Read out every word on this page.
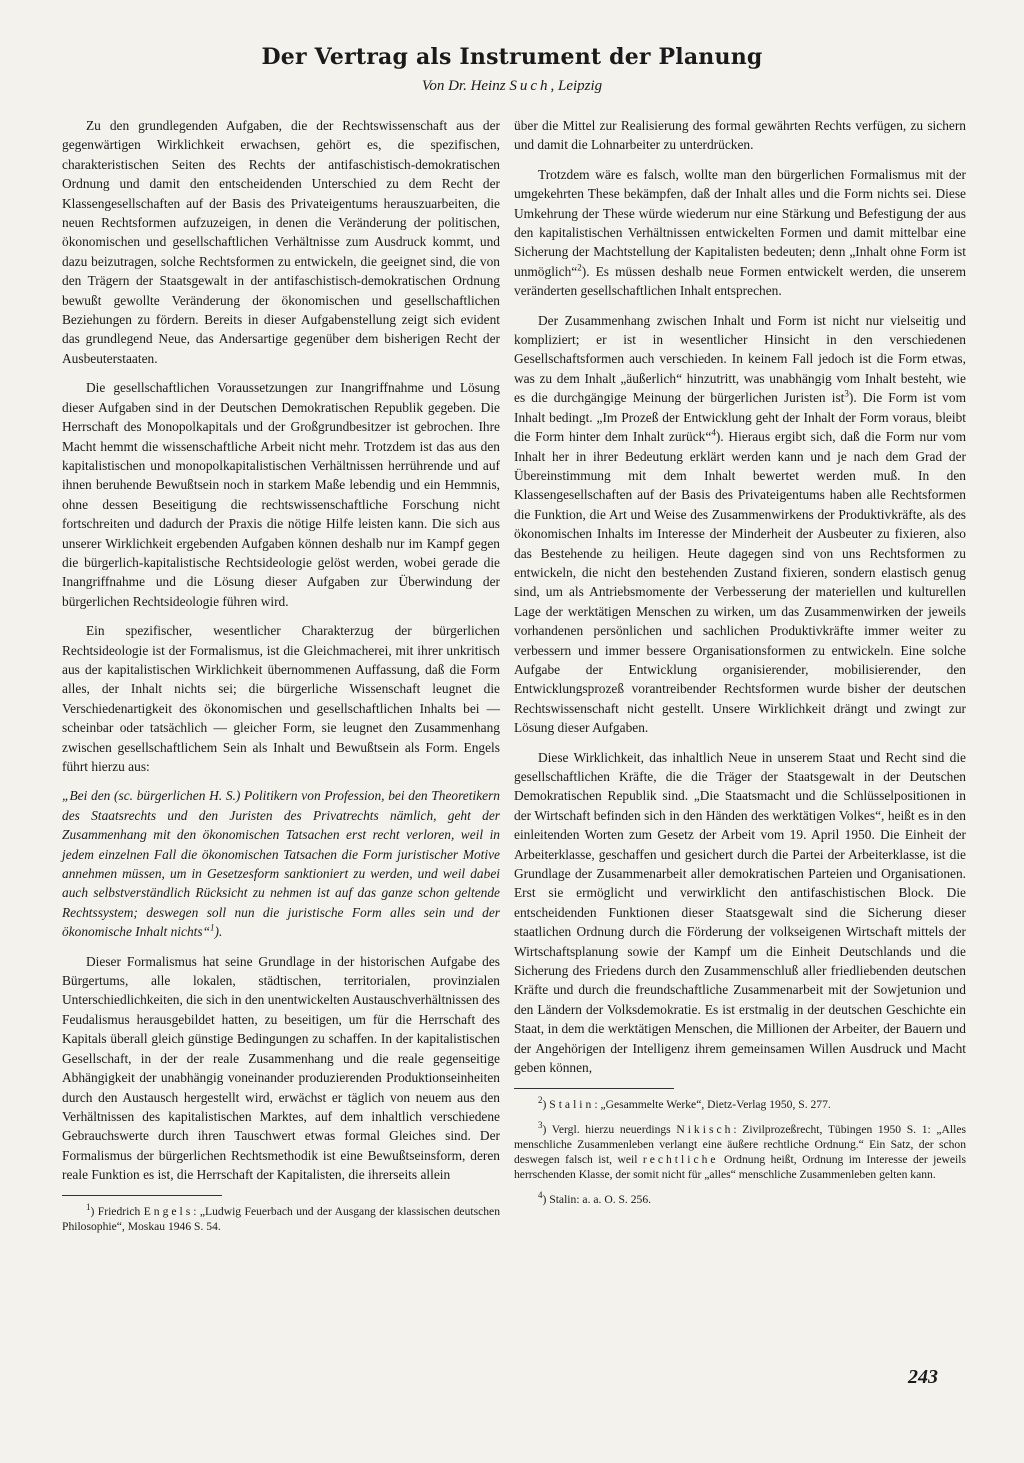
Der Vertrag als Instrument der Planung
Von Dr. Heinz Such, Leipzig

Zu den grundlegenden Aufgaben, die der Rechtswissenschaft aus der gegenwärtigen Wirklichkeit erwachsen, gehört es, die spezifischen, charakteristischen Seiten des Rechts der antifaschistisch-demokratischen Ordnung und damit den entscheidenden Unterschied zu dem Recht der Klassengesellschaften auf der Basis des Privateigentums herauszuarbeiten, die neuen Rechtsformen aufzuzeigen, in denen die Veränderung der politischen, ökonomischen und gesellschaftlichen Verhältnisse zum Ausdruck kommt, und dazu beizutragen, solche Rechtsformen zu entwickeln, die geeignet sind, die von den Trägern der Staatsgewalt in der antifaschistisch-demokratischen Ordnung bewußt gewollte Veränderung der ökonomischen und gesellschaftlichen Beziehungen zu fördern. Bereits in dieser Aufgabenstellung zeigt sich evident das grundlegend Neue, das Andersartige gegenüber dem bisherigen Recht der Ausbeuterstaaten.

Die gesellschaftlichen Voraussetzungen zur Inangriffnahme und Lösung dieser Aufgaben sind in der Deutschen Demokratischen Republik gegeben. Die Herrschaft des Monopolkapitals und der Großgrundbesitzer ist gebrochen. Ihre Macht hemmt die wissenschaftliche Arbeit nicht mehr. Trotzdem ist das aus den kapitalistischen und monopolkapitalistischen Verhältnissen herrührende und auf ihnen beruhende Bewußtsein noch in starkem Maße lebendig und ein Hemmnis, ohne dessen Beseitigung die rechtswissenschaftliche Forschung nicht fortschreiten und dadurch der Praxis die nötige Hilfe leisten kann. Die sich aus unserer Wirklichkeit ergebenden Aufgaben können deshalb nur im Kampf gegen die bürgerlich-kapitalistische Rechtsideologie gelöst werden, wobei gerade die Inangriffnahme und die Lösung dieser Aufgaben zur Überwindung der bürgerlichen Rechtsideologie führen wird.

Ein spezifischer, wesentlicher Charakterzug der bürgerlichen Rechtsideologie ist der Formalismus, ist die Gleichmacherei, mit ihrer unkritisch aus der kapitalistischen Wirklichkeit übernommenen Auffassung, daß die Form alles, der Inhalt nichts sei; die bürgerliche Wissenschaft leugnet die Verschiedenartigkeit des ökonomischen und gesellschaftlichen Inhalts bei — scheinbar oder tatsächlich — gleicher Form, sie leugnet den Zusammenhang zwischen gesellschaftlichem Sein als Inhalt und Bewußtsein als Form. Engels führt hierzu aus:

„Bei den (sc. bürgerlichen H. S.) Politikern von Profession, bei den Theoretikern des Staatsrechts und den Juristen des Privatrechts nämlich, geht der Zusammenhang mit den ökonomischen Tatsachen erst recht verloren, weil in jedem einzelnen Fall die ökonomischen Tatsachen die Form juristischer Motive annehmen müssen, um in Gesetzesform sanktioniert zu werden, und weil dabei auch selbstverständlich Rücksicht zu nehmen ist auf das ganze schon geltende Rechtssystem; deswegen soll nun die juristische Form alles sein und der ökonomische Inhalt nichts“$^1$).

Dieser Formalismus hat seine Grundlage in der historischen Aufgabe des Bürgertums, alle lokalen, städtischen, territorialen, provinzialen Unterschiedlichkeiten, die sich in den unentwickelten Austauschverhältnissen des Feudalismus herausgebildet hatten, zu beseitigen, um für die Herrschaft des Kapitals überall gleich günstige Bedingungen zu schaffen. In der kapitalistischen Gesellschaft, in der der reale Zusammenhang und die reale gegenseitige Abhängigkeit der unabhängig voneinander produzierenden Produktionseinheiten durch den Austausch hergestellt wird, erwächst er täglich von neuem aus den Verhältnissen des kapitalistischen Marktes, auf dem inhaltlich verschiedene Gebrauchswerte durch ihren Tauschwert etwas formal Gleiches sind. Der Formalismus der bürgerlichen Rechtsmethodik ist eine Bewußtseinsform, deren reale Funktion es ist, die Herrschaft der Kapitalisten, die ihrerseits allein

$^1$) Friedrich Engels: „Ludwig Feuerbach und der Ausgang der klassischen deutschen Philosophie“, Moskau 1946 S. 54.

über die Mittel zur Realisierung des formal gewährten Rechts verfügen, zu sichern und damit die Lohnarbeiter zu unterdrücken.

Trotzdem wäre es falsch, wollte man den bürgerlichen Formalismus mit der umgekehrten These bekämpfen, daß der Inhalt alles und die Form nichts sei. Diese Umkehrung der These würde wiederum nur eine Stärkung und Befestigung der aus den kapitalistischen Verhältnissen entwickelten Formen und damit mittelbar eine Sicherung der Machtstellung der Kapitalisten bedeuten; denn „Inhalt ohne Form ist unmöglich“$^2$). Es müssen deshalb neue Formen entwickelt werden, die unserem veränderten gesellschaftlichen Inhalt entsprechen.

Der Zusammenhang zwischen Inhalt und Form ist nicht nur vielseitig und kompliziert; er ist in wesentlicher Hinsicht in den verschiedenen Gesellschaftsformen auch verschieden. In keinem Fall jedoch ist die Form etwas, was zu dem Inhalt „äußerlich“ hinzutritt, was unabhängig vom Inhalt besteht, wie es die durchgängige Meinung der bürgerlichen Juristen ist$^3$). Die Form ist vom Inhalt bedingt. „Im Prozeß der Entwicklung geht der Inhalt der Form voraus, bleibt die Form hinter dem Inhalt zurück“$^4$). Hieraus ergibt sich, daß die Form nur vom Inhalt her in ihrer Bedeutung erklärt werden kann und je nach dem Grad der Übereinstimmung mit dem Inhalt bewertet werden muß. In den Klassengesellschaften auf der Basis des Privateigentums haben alle Rechtsformen die Funktion, die Art und Weise des Zusammenwirkens der Produktivkräfte, als des ökonomischen Inhalts im Interesse der Minderheit der Ausbeuter zu fixieren, also das Bestehende zu heiligen. Heute dagegen sind von uns Rechtsformen zu entwickeln, die nicht den bestehenden Zustand fixieren, sondern elastisch genug sind, um als Antriebsmomente der Verbesserung der materiellen und kulturellen Lage der werktätigen Menschen zu wirken, um das Zusammenwirken der jeweils vorhandenen persönlichen und sachlichen Produktivkräfte immer weiter zu verbessern und immer bessere Organisationsformen zu entwickeln. Eine solche Aufgabe der Entwicklung organisierender, mobilisierender, den Entwicklungsprozeß vorantreibender Rechtsformen wurde bisher der deutschen Rechtswissenschaft nicht gestellt. Unsere Wirklichkeit drängt und zwingt zur Lösung dieser Aufgaben.

Diese Wirklichkeit, das inhaltlich Neue in unserem Staat und Recht sind die gesellschaftlichen Kräfte, die die Träger der Staatsgewalt in der Deutschen Demokratischen Republik sind. „Die Staatsmacht und die Schlüsselpositionen in der Wirtschaft befinden sich in den Händen des werktätigen Volkes“, heißt es in den einleitenden Worten zum Gesetz der Arbeit vom 19. April 1950. Die Einheit der Arbeiterklasse, geschaffen und gesichert durch die Partei der Arbeiterklasse, ist die Grundlage der Zusammenarbeit aller demokratischen Parteien und Organisationen. Erst sie ermöglicht und verwirklicht den antifaschistischen Block. Die entscheidenden Funktionen dieser Staatsgewalt sind die Sicherung dieser staatlichen Ordnung durch die Förderung der volkseigenen Wirtschaft mittels der Wirtschaftsplanung sowie der Kampf um die Einheit Deutschlands und die Sicherung des Friedens durch den Zusammenschluß aller friedliebenden deutschen Kräfte und durch die freundschaftliche Zusammenarbeit mit der Sowjetunion und den Ländern der Volksdemokratie. Es ist erstmalig in der deutschen Geschichte ein Staat, in dem die werktätigen Menschen, die Millionen der Arbeiter, der Bauern und der Angehörigen der Intelligenz ihrem gemeinsamen Willen Ausdruck und Macht geben können,

$^2$) Stalin: „Gesammelte Werke“, Dietz-Verlag 1950, S. 277.

$^3$) Vergl. hierzu neuerdings Nikisch: Zivilprozeßrecht, Tübingen 1950 S. 1: „Alles menschliche Zusammenleben verlangt eine äußere rechtliche Ordnung.“ Ein Satz, der schon deswegen falsch ist, weil rechtliche Ordnung heißt, Ordnung im Interesse der jeweils herrschenden Klasse, der somit nicht für „alles“ menschliche Zusammenleben gelten kann.

$^4$) Stalin: a. a. O. S. 256.

243
